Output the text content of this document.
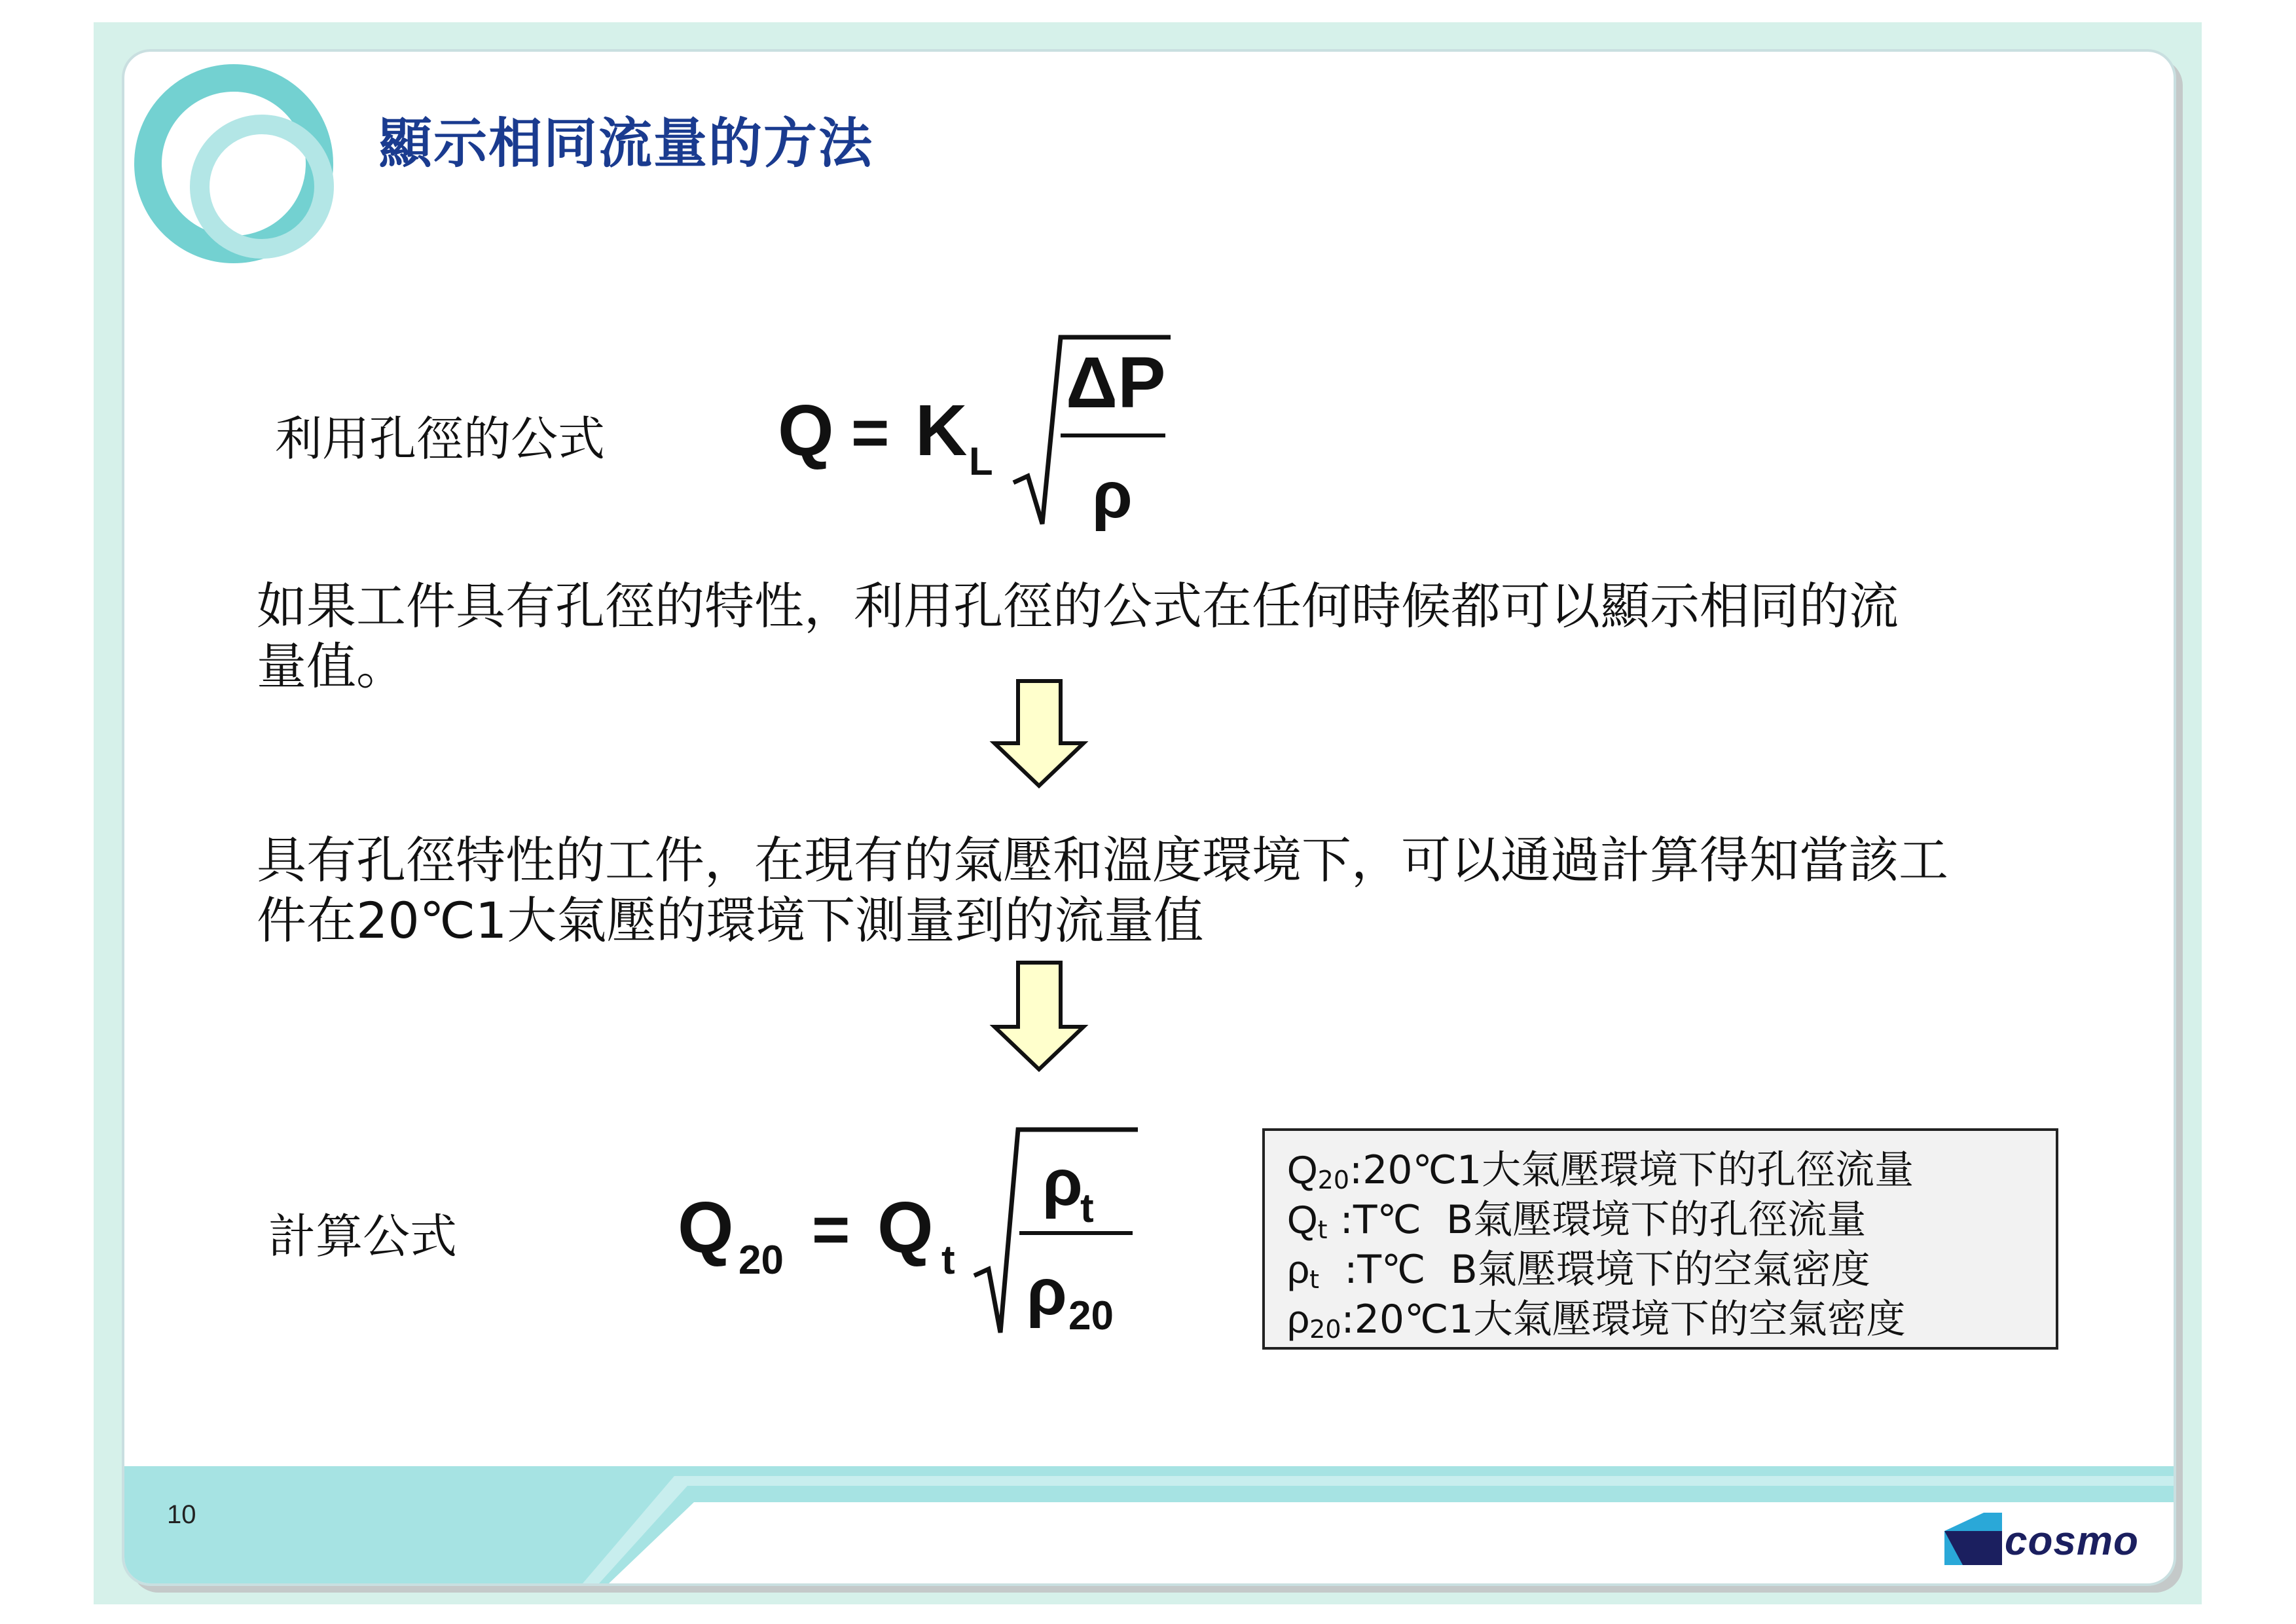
顯示相同流量的方法
利用孔徑的公式 Q = K L
ΔP
ρ
Q 20 = Q t
ρ
t
ρ 20
如果工件具有孔徑的特性，利用孔徑的公式在任何時候都可以顯示相同的流
量值。
具有孔徑特性的工件，在現有的氣壓和溫度環境下，可以通過計算得知當該工
件在20℃1大氣壓的環境下測量到的流量值
計算公式
$Q_{20}:20℃1$大氣壓環境下的孔徑流量
$Q_t$ :T℃  B氣壓環境下的孔徑流量
$\rho_t$  :T℃  B氣壓環境下的空氣密度
$\rho_{20}:20℃1$大氣壓環境下的空氣密度
10
cosmo
